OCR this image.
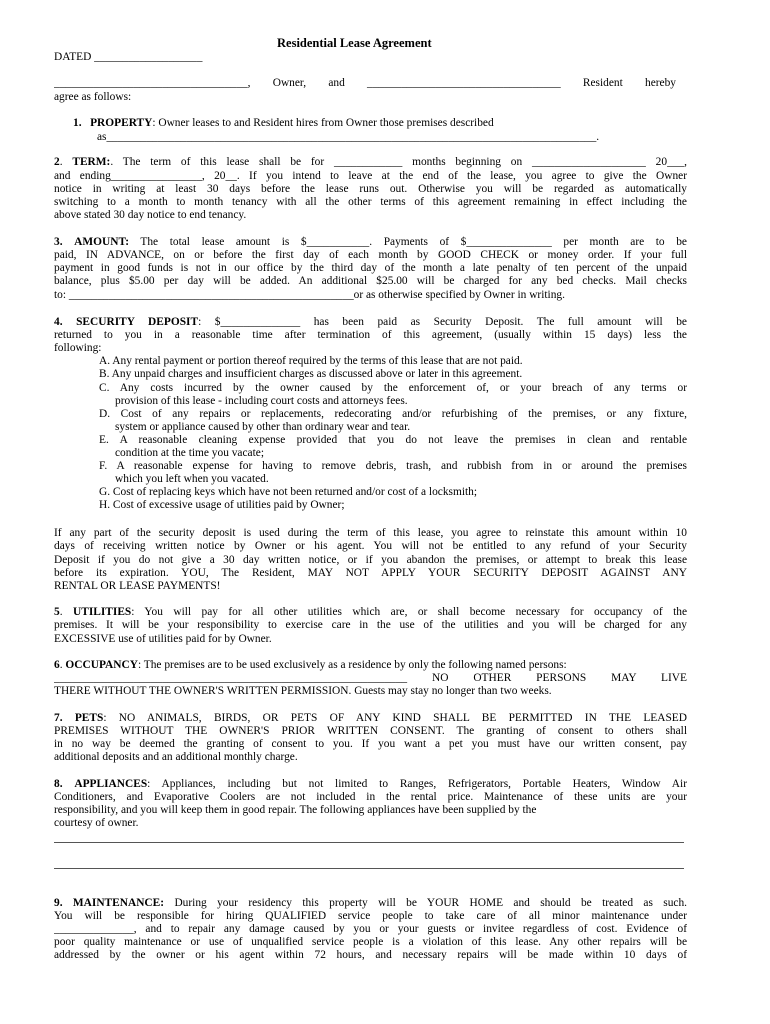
Residential Lease Agreement
DATED ___________________
__________________________________, Owner, and __________________________________ Resident hereby
agree as follows:
1. PROPERTY: Owner leases to and Resident hires from Owner those premises described
as______________________________________________________________________________________.
2. TERM:. The term of this lease shall be for ____________ months beginning on ____________________ 20___,
and ending________________, 20__. If you intend to leave at the end of the lease, you agree to give the Owner
notice in writing at least 30 days before the lease runs out. Otherwise you will be regarded as automatically
switching to a month to month tenancy with all the other terms of this agreement remaining in effect including the
above stated 30 day notice to end tenancy.
3. AMOUNT: The total lease amount is $___________. Payments of $_______________ per month are to be
paid, IN ADVANCE, on or before the first day of each month by GOOD CHECK or money order. If your full
payment in good funds is not in our office by the third day of the month a late penalty of ten percent of the unpaid
balance, plus $5.00 per day will be added. An additional $25.00 will be charged for any bed checks. Mail checks
to: __________________________________________________or as otherwise specified by Owner in writing.
4. SECURITY DEPOSIT: $______________ has been paid as Security Deposit. The full amount will be
returned to you in a reasonable time after termination of this agreement, (usually within 15 days) less the
following:
A. Any rental payment or portion thereof required by the terms of this lease that are not paid.
B. Any unpaid charges and insufficient charges as discussed above or later in this agreement.
C. Any costs incurred by the owner caused by the enforcement of, or your breach of any terms or
provision of this lease - including court costs and attorneys fees.
D. Cost of any repairs or replacements, redecorating and/or refurbishing of the premises, or any fixture,
system or appliance caused by other than ordinary wear and tear.
E. A reasonable cleaning expense provided that you do not leave the premises in clean and rentable
condition at the time you vacate;
F. A reasonable expense for having to remove debris, trash, and rubbish from in or around the premises
which you left when you vacated.
G. Cost of replacing keys which have not been returned and/or cost of a locksmith;
H. Cost of excessive usage of utilities paid by Owner;
If any part of the security deposit is used during the term of this lease, you agree to reinstate this amount within 10
days of receiving written notice by Owner or his agent. You will not be entitled to any refund of your Security
Deposit if you do not give a 30 day written notice, or if you abandon the premises, or attempt to break this lease
before its expiration. YOU, The Resident, MAY NOT APPLY YOUR SECURITY DEPOSIT AGAINST ANY
RENTAL OR LEASE PAYMENTS!
5. UTILITIES: You will pay for all other utilities which are, or shall become necessary for occupancy of the
premises. It will be your responsibility to exercise care in the use of the utilities and you will be charged for any
EXCESSIVE use of utilities paid for by Owner.
6. OCCUPANCY: The premises are to be used exclusively as a residence by only the following named persons:
______________________________________________________________ NO OTHER PERSONS MAY LIVE
THERE WITHOUT THE OWNER'S WRITTEN PERMISSION. Guests may stay no longer than two weeks.
7. PETS: NO ANIMALS, BIRDS, OR PETS OF ANY KIND SHALL BE PERMITTED IN THE LEASED
PREMISES WITHOUT THE OWNER'S PRIOR WRITTEN CONSENT. The granting of consent to others shall
in no way be deemed the granting of consent to you. If you want a pet you must have our written consent, pay
additional deposits and an additional monthly charge.
8. APPLIANCES: Appliances, including but not limited to Ranges, Refrigerators, Portable Heaters, Window Air
Conditioners, and Evaporative Coolers are not included in the rental price. Maintenance of these units are your
responsibility, and you will keep them in good repair. The following appliances have been supplied by the
courtesy of owner.
9. MAINTENANCE: During your residency this property will be YOUR HOME and should be treated as such.
You will be responsible for hiring QUALIFIED service people to take care of all minor maintenance under
______________, and to repair any damage caused by you or your guests or invitee regardless of cost. Evidence of
poor quality maintenance or use of unqualified service people is a violation of this lease. Any other repairs will be
addressed by the owner or his agent within 72 hours, and necessary repairs will be made within 10 days of
